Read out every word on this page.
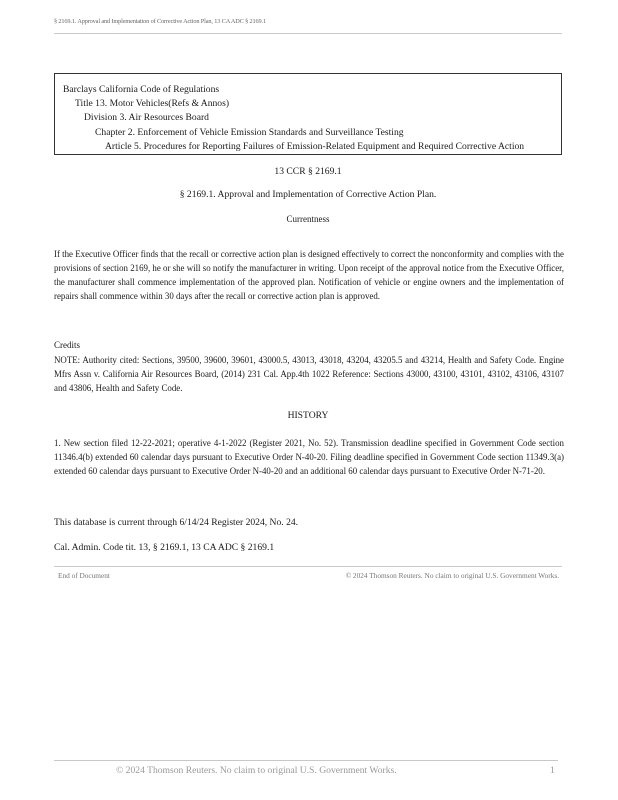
§ 2169.1. Approval and Implementation of Corrective Action Plan, 13 CA ADC § 2169.1
Barclays California Code of Regulations
Title 13. Motor Vehicles(Refs & Annos)
Division 3. Air Resources Board
Chapter 2. Enforcement of Vehicle Emission Standards and Surveillance Testing
Article 5. Procedures for Reporting Failures of Emission-Related Equipment and Required Corrective Action
13 CCR § 2169.1
§ 2169.1. Approval and Implementation of Corrective Action Plan.
Currentness
If the Executive Officer finds that the recall or corrective action plan is designed effectively to correct the nonconformity and complies with the provisions of section 2169, he or she will so notify the manufacturer in writing. Upon receipt of the approval notice from the Executive Officer, the manufacturer shall commence implementation of the approved plan. Notification of vehicle or engine owners and the implementation of repairs shall commence within 30 days after the recall or corrective action plan is approved.
Credits
NOTE: Authority cited: Sections, 39500, 39600, 39601, 43000.5, 43013, 43018, 43204, 43205.5 and 43214, Health and Safety Code. Engine Mfrs Assn v. California Air Resources Board, (2014) 231 Cal. App.4th 1022 Reference: Sections 43000, 43100, 43101, 43102, 43106, 43107 and 43806, Health and Safety Code.
HISTORY
1. New section filed 12-22-2021; operative 4-1-2022 (Register 2021, No. 52). Transmission deadline specified in Government Code section 11346.4(b) extended 60 calendar days pursuant to Executive Order N-40-20. Filing deadline specified in Government Code section 11349.3(a) extended 60 calendar days pursuant to Executive Order N-40-20 and an additional 60 calendar days pursuant to Executive Order N-71-20.
This database is current through 6/14/24 Register 2024, No. 24.
Cal. Admin. Code tit. 13, § 2169.1, 13 CA ADC § 2169.1
End of Document	© 2024 Thomson Reuters. No claim to original U.S. Government Works.
© 2024 Thomson Reuters. No claim to original U.S. Government Works.	1
